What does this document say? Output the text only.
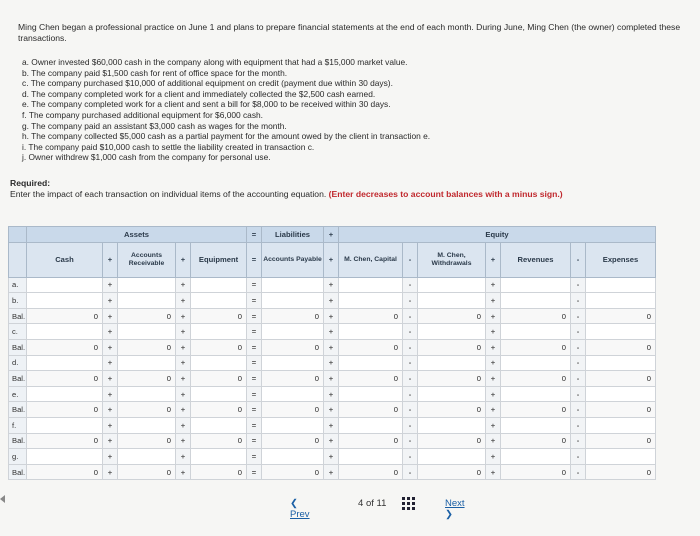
Ming Chen began a professional practice on June 1 and plans to prepare financial statements at the end of each month. During June, Ming Chen (the owner) completed these transactions.
a. Owner invested $60,000 cash in the company along with equipment that had a $15,000 market value.
b. The company paid $1,500 cash for rent of office space for the month.
c. The company purchased $10,000 of additional equipment on credit (payment due within 30 days).
d. The company completed work for a client and immediately collected the $2,500 cash earned.
e. The company completed work for a client and sent a bill for $8,000 to be received within 30 days.
f. The company purchased additional equipment for $6,000 cash.
g. The company paid an assistant $3,000 cash as wages for the month.
h. The company collected $5,000 cash as a partial payment for the amount owed by the client in transaction e.
i. The company paid $10,000 cash to settle the liability created in transaction c.
j. Owner withdrew $1,000 cash from the company for personal use.
Required:
Enter the impact of each transaction on individual items of the accounting equation. (Enter decreases to account balances with a minus sign.)
	Assets					=	Liabilities	+	Equity						
	Cash	+	Accounts Receivable	+	Equipment	=	Accounts Payable	+	M. Chen, Capital	-	M. Chen, Withdrawals	+	Revenues	-	Expenses
a.		+		+		=		+		-		+		-	
b.		+		+		=		+		-		+		-	
Bal.	0	+	0	+	0	=	0	+	0	-	0	+	0	-	0
c.		+		+		=		+		-		+		-	
Bal.	0	+	0	+	0	=	0	+	0	-	0	+	0	-	0
d.		+		+		=		+		-		+		-	
Bal.	0	+	0	+	0	=	0	+	0	-	0	+	0	-	0
e.		+		+		=		+		-		+		-	
Bal.	0	+	0	+	0	=	0	+	0	-	0	+	0	-	0
f.		+		+		=		+		-		+		-	
Bal.	0	+	0	+	0	=	0	+	0	-	0	+	0	-	0
g.		+		+		=		+		-		+		-	
Bal.	0	+	0	+	0	=	0	+	0	-	0	+	0	-	0
❮ Prev
4 of 11	Next ❯
